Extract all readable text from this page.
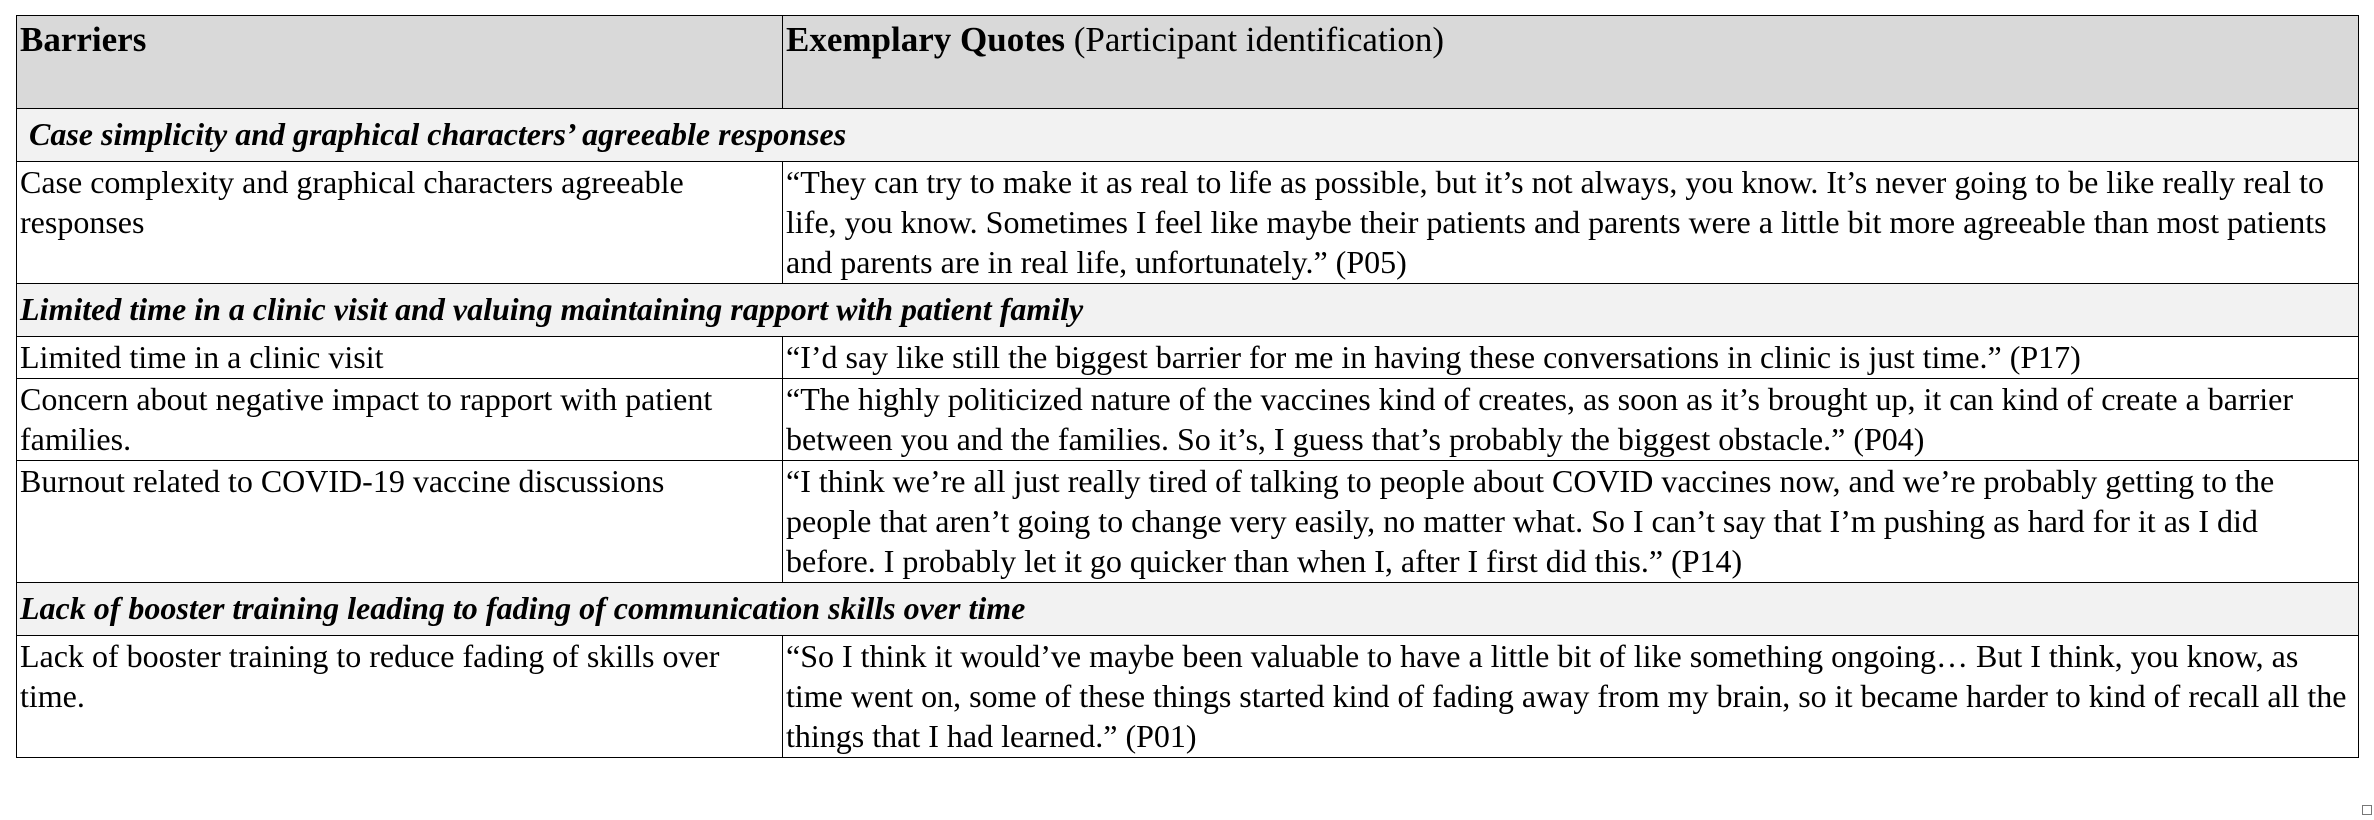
Barriers	Exemplary Quotes (Participant identification)
Case simplicity and graphical characters’ agreeable responses	
Case complexity and graphical characters agreeable responses	“They can try to make it as real to life as possible, but it’s not always, you know. It’s never going to be like really real to life, you know. Sometimes I feel like maybe their patients and parents were a little bit more agreeable than most patients and parents are in real life, unfortunately.” (P05)
Limited time in a clinic visit and valuing maintaining rapport with patient family	
Limited time in a clinic visit	“I’d say like still the biggest barrier for me in having these conversations in clinic is just time.” (P17)
Concern about negative impact to rapport with patient families.	“The highly politicized nature of the vaccines kind of creates, as soon as it’s brought up, it can kind of create a barrier between you and the families. So it’s, I guess that’s probably the biggest obstacle.” (P04)
Burnout related to COVID-19 vaccine discussions	“I think we’re all just really tired of talking to people about COVID vaccines now, and we’re probably getting to the people that aren’t going to change very easily, no matter what. So I can’t say that I’m pushing as hard for it as I did before. I probably let it go quicker than when I, after I first did this.” (P14)
Lack of booster training leading to fading of communication skills over time	
Lack of booster training to reduce fading of skills over time.	“So I think it would’ve maybe been valuable to have a little bit of like something ongoing… But I think, you know, as time went on, some of these things started kind of fading away from my brain, so it became harder to kind of recall all the things that I had learned.” (P01)
